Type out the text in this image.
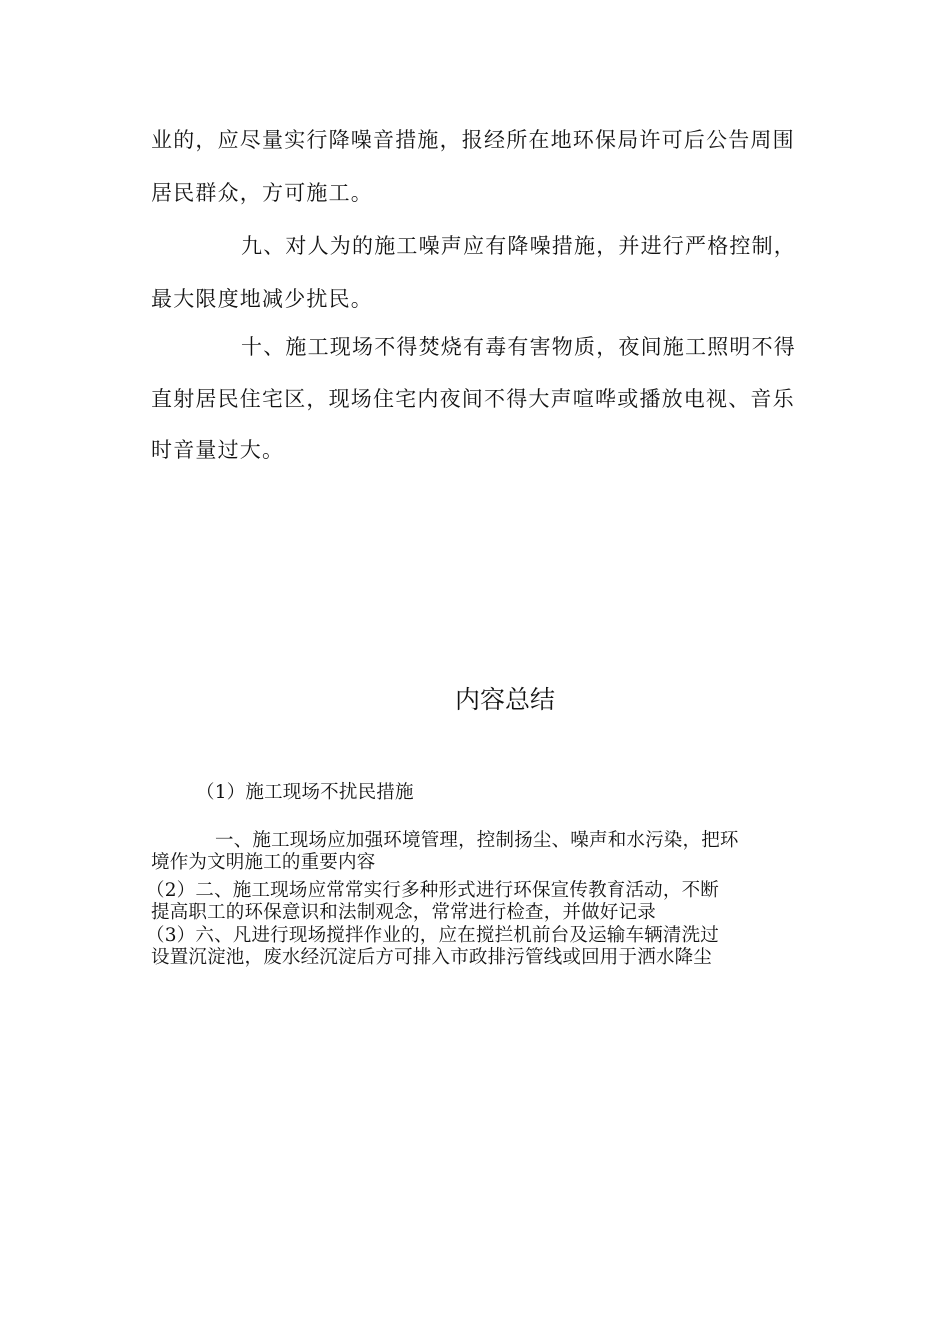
业的，应尽量实行降噪音措施，报经所在地环保局许可后公告周围
居民群众，方可施工。
九、对人为的施工噪声应有降噪措施，并进行严格控制，
最大限度地减少扰民。
十、施工现场不得焚烧有毒有害物质，夜间施工照明不得
直射居民住宅区，现场住宅内夜间不得大声喧哗或播放电视、音乐
时音量过大。
内容总结
（1）施工现场不扰民措施
一、施工现场应加强环境管理，控制扬尘、噪声和水污染，把环
境作为文明施工的重要内容
（2）二、施工现场应常常实行多种形式进行环保宣传教育活动，不断
提高职工的环保意识和法制观念，常常进行检查，并做好记录
（3）六、凡进行现场搅拌作业的，应在搅拦机前台及运输车辆清洗过
设置沉淀池，废水经沉淀后方可排入市政排污管线或回用于洒水降尘
